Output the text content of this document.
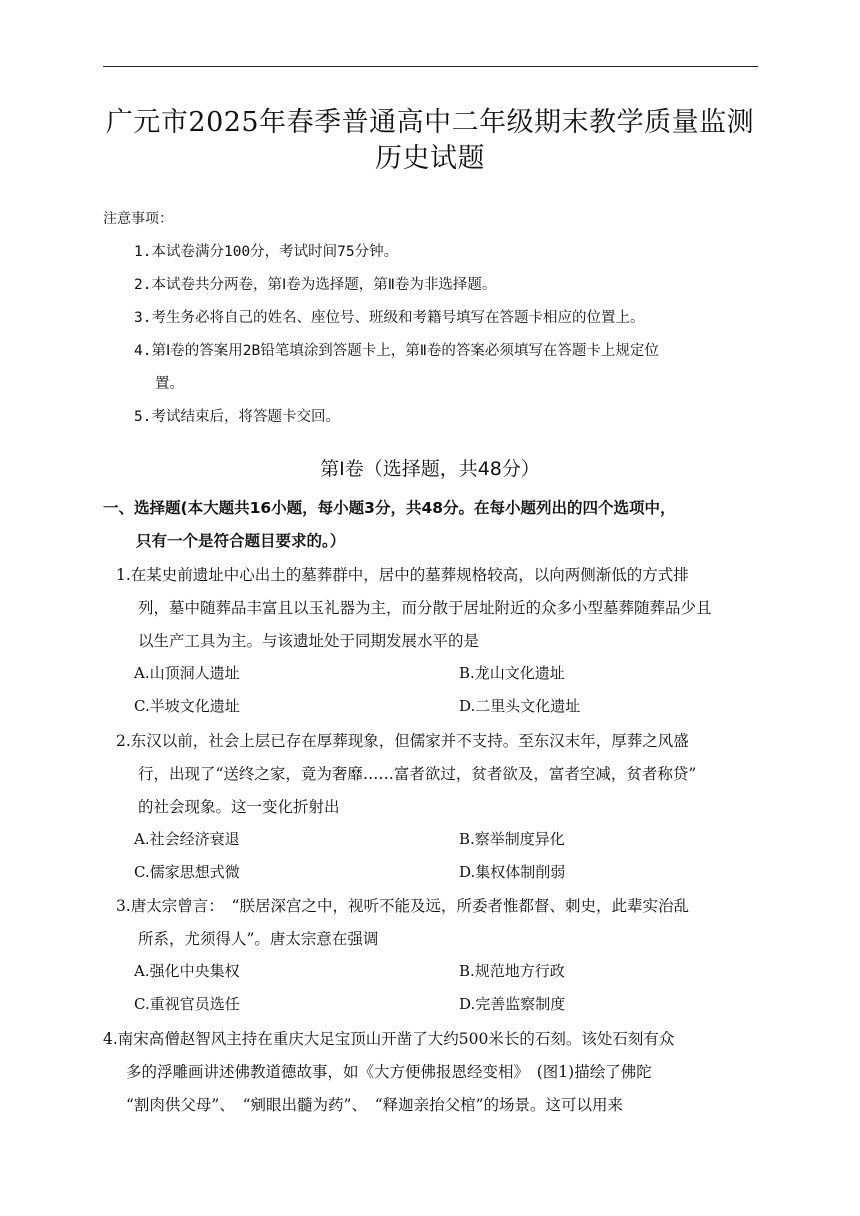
广元市2025年春季普通高中二年级期末教学质量监测
历史试题
注意事项：
1.本试卷满分100分，考试时间75分钟。
2.本试卷共分两卷，第Ⅰ卷为选择题，第Ⅱ卷为非选择题。
3.考生务必将自己的姓名、座位号、班级和考籍号填写在答题卡相应的位置上。
4.第Ⅰ卷的答案用2B铅笔填涂到答题卡上，第Ⅱ卷的答案必须填写在答题卡上规定位
置。
5.考试结束后，将答题卡交回。
第Ⅰ卷（选择题，共48分）
一、选择题(本大题共16小题，每小题3分，共48分。在每小题列出的四个选项中，
只有一个是符合题目要求的。）
1.在某史前遗址中心出土的墓葬群中，居中的墓葬规格较高，以向两侧渐低的方式排
列，墓中随葬品丰富且以玉礼器为主，而分散于居址附近的众多小型墓葬随葬品少且
以生产工具为主。与该遗址处于同期发展水平的是
A.山顶洞人遗址	B.龙山文化遗址
C.半坡文化遗址	D.二里头文化遗址
2.东汉以前，社会上层已存在厚葬现象，但儒家并不支持。至东汉末年，厚葬之风盛
行，出现了“送终之家，竟为奢靡……富者欲过，贫者欲及，富者空减，贫者称贷”
的社会现象。这一变化折射出
A.社会经济衰退	B.察举制度异化
C.儒家思想式微	D.集权体制削弱
3.唐太宗曾言：　“朕居深宫之中，视听不能及远，所委者惟都督、刺史，此辈实治乱
所系，尤须得人”。唐太宗意在强调
A.强化中央集权	B.规范地方行政
C.重视官员选任	D.完善监察制度
4.南宋高僧赵智风主持在重庆大足宝顶山开凿了大约500米长的石刻。该处石刻有众
多的浮雕画讲述佛教道德故事，如《大方便佛报恩经变相》　(图1)描绘了佛陀
“割肉供父母”、　“剜眼出髓为药”、　“释迦亲抬父棺”的场景。这可以用来
